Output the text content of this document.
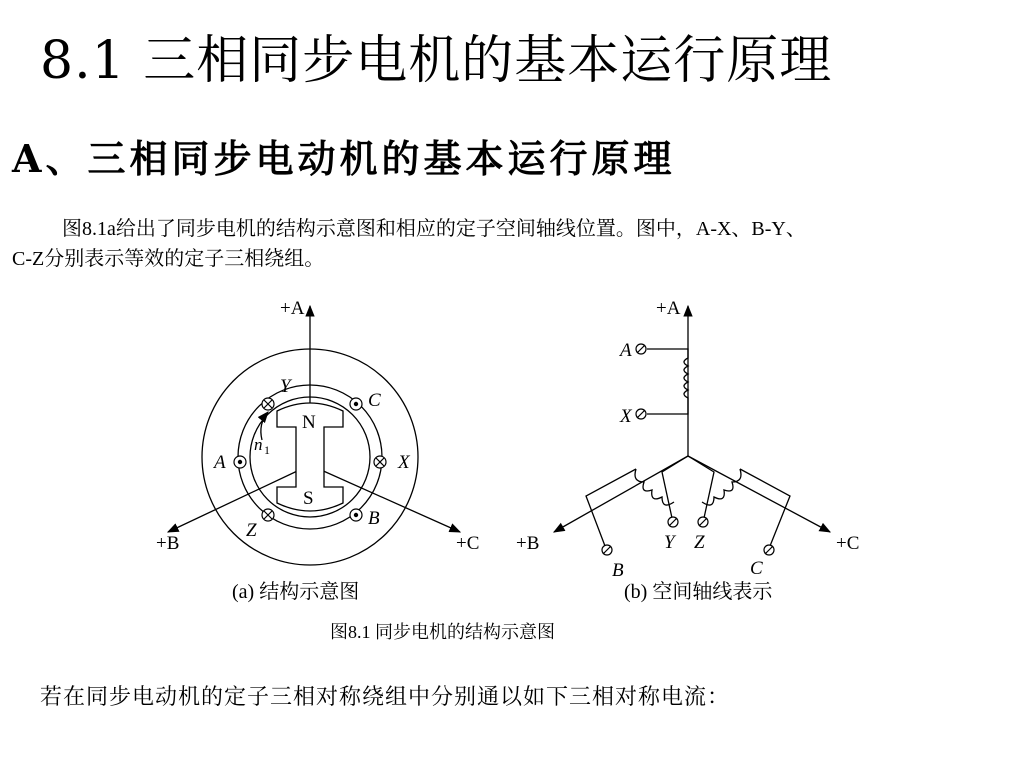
8.1 三相同步电机的基本运行原理
A、三相同步电动机的基本运行原理

图8.1a给出了同步电机的结构示意图和相应的定子空间轴线位置。图中，A-X、B-Y、
C-Z分别表示等效的定子三相绕组。

+A
+B	+C
A	X
Y
C
Z
B
N
S
n 1
(a) 结构示意图
+A
+B	+C
A
X
B
Y Z
C
(b) 空间轴线表示
图8.1 同步电机的结构示意图
若在同步电动机的定子三相对称绕组中分别通以如下三相对称电流：
